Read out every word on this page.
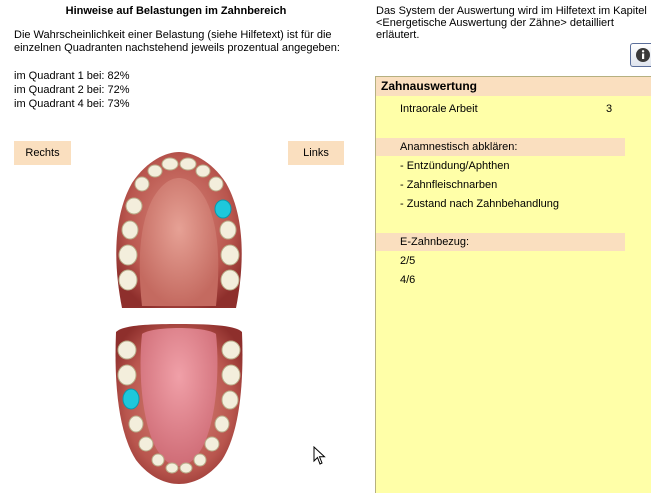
Hinweise auf Belastungen im Zahnbereich
Die Wahrscheinlichkeit einer Belastung (siehe Hilfetext) ist für die einzelnen Quadranten nachstehend jeweils prozentual angegeben:
im Quadrant 1 bei: 82%
im Quadrant 2 bei: 72%
im Quadrant 4 bei: 73%
Rechts	Links
Das System der Auswertung wird im Hilfetext im Kapitel <Energetische Auswertung der Zähne> detailliert erläutert.
Zahnauswertung
Intraorale Arbeit	3
Anamnestisch abklären:
- Entzündung/Aphthen
- Zahnfleischnarben
- Zustand nach Zahnbehandlung
E-Zahnbezug:
2/5
4/6
